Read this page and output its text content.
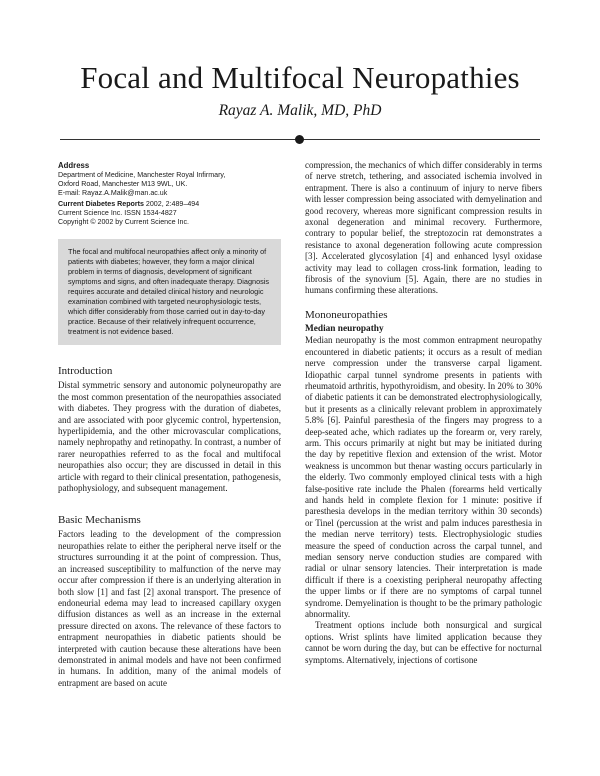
Focal and Multifocal Neuropathies
Rayaz A. Malik, MD, PhD

Address

Department of Medicine, Manchester Royal Infirmary,

Oxford Road, Manchester M13 9WL, UK.

E-mail: Rayaz.A.Malik@man.ac.uk

Current Diabetes Reports 2002, 2:489–494

Current Science Inc. ISSN 1534-4827

Copyright © 2002 by Current Science Inc.

The focal and multifocal neuropathies affect only a minority of patients with diabetes; however, they form a major clinical problem in terms of diagnosis, development of significant symptoms and signs, and often inadequate therapy. Diagnosis requires accurate and detailed clinical history and neurologic examination combined with targeted neurophysiologic tests, which differ considerably from those carried out in day-to-day practice. Because of their relatively infrequent occurrence, treatment is not evidence based.
Introduction

Distal symmetric sensory and autonomic polyneuropathy are the most common presentation of the neuropathies associated with diabetes. They progress with the duration of diabetes, and are associated with poor glycemic control, hypertension, hyperlipidemia, and the other microvascular complications, namely nephropathy and retinopathy. In contrast, a number of rarer neuropathies referred to as the focal and multifocal neuropathies also occur; they are discussed in detail in this article with regard to their clinical presentation, pathogenesis, pathophysiology, and subsequent management.

Basic Mechanisms

Factors leading to the development of the compression neuropathies relate to either the peripheral nerve itself or the structures surrounding it at the point of compression. Thus, an increased susceptibility to malfunction of the nerve may occur after compression if there is an underlying alteration in both slow [1] and fast [2] axonal transport. The presence of endoneurial edema may lead to increased capillary oxygen diffusion distances as well as an increase in the external pressure directed on axons. The relevance of these factors to entrapment neuropathies in diabetic patients should be interpreted with caution because these alterations have been demonstrated in animal models and have not been confirmed in humans. In addition, many of the animal models of entrapment are based on acute

compression, the mechanics of which differ considerably in terms of nerve stretch, tethering, and associated ischemia involved in entrapment. There is also a continuum of injury to nerve fibers with lesser compression being associated with demyelination and good recovery, whereas more significant compression results in axonal degeneration and minimal recovery. Furthermore, contrary to popular belief, the streptozocin rat demonstrates a resistance to axonal degeneration following acute compression [3]. Accelerated glycosylation [4] and enhanced lysyl oxidase activity may lead to collagen cross-link formation, leading to fibrosis of the synovium [5]. Again, there are no studies in humans confirming these alterations.

Mononeuropathies
Median neuropathy

Median neuropathy is the most common entrapment neuropathy encountered in diabetic patients; it occurs as a result of median nerve compression under the transverse carpal ligament. Idiopathic carpal tunnel syndrome presents in patients with rheumatoid arthritis, hypothyroidism, and obesity. In 20% to 30% of diabetic patients it can be demonstrated electrophysiologically, but it presents as a clinically relevant problem in approximately 5.8% [6]. Painful paresthesia of the fingers may progress to a deep-seated ache, which radiates up the forearm or, very rarely, arm. This occurs primarily at night but may be initiated during the day by repetitive flexion and extension of the wrist. Motor weakness is uncommon but thenar wasting occurs particularly in the elderly. Two commonly employed clinical tests with a high false-positive rate include the Phalen (forearms held vertically and hands held in complete flexion for 1 minute: positive if paresthesia develops in the median territory within 30 seconds) or Tinel (percussion at the wrist and palm induces paresthesia in the median nerve territory) tests. Electrophysiologic studies measure the speed of conduction across the carpal tunnel, and median sensory nerve conduction studies are compared with radial or ulnar sensory latencies. Their interpretation is made difficult if there is a coexisting peripheral neuropathy affecting the upper limbs or if there are no symptoms of carpal tunnel syndrome. Demyelination is thought to be the primary pathologic abnormality.

Treatment options include both nonsurgical and surgical options. Wrist splints have limited application because they cannot be worn during the day, but can be effective for nocturnal symptoms. Alternatively, injections of cortisone
